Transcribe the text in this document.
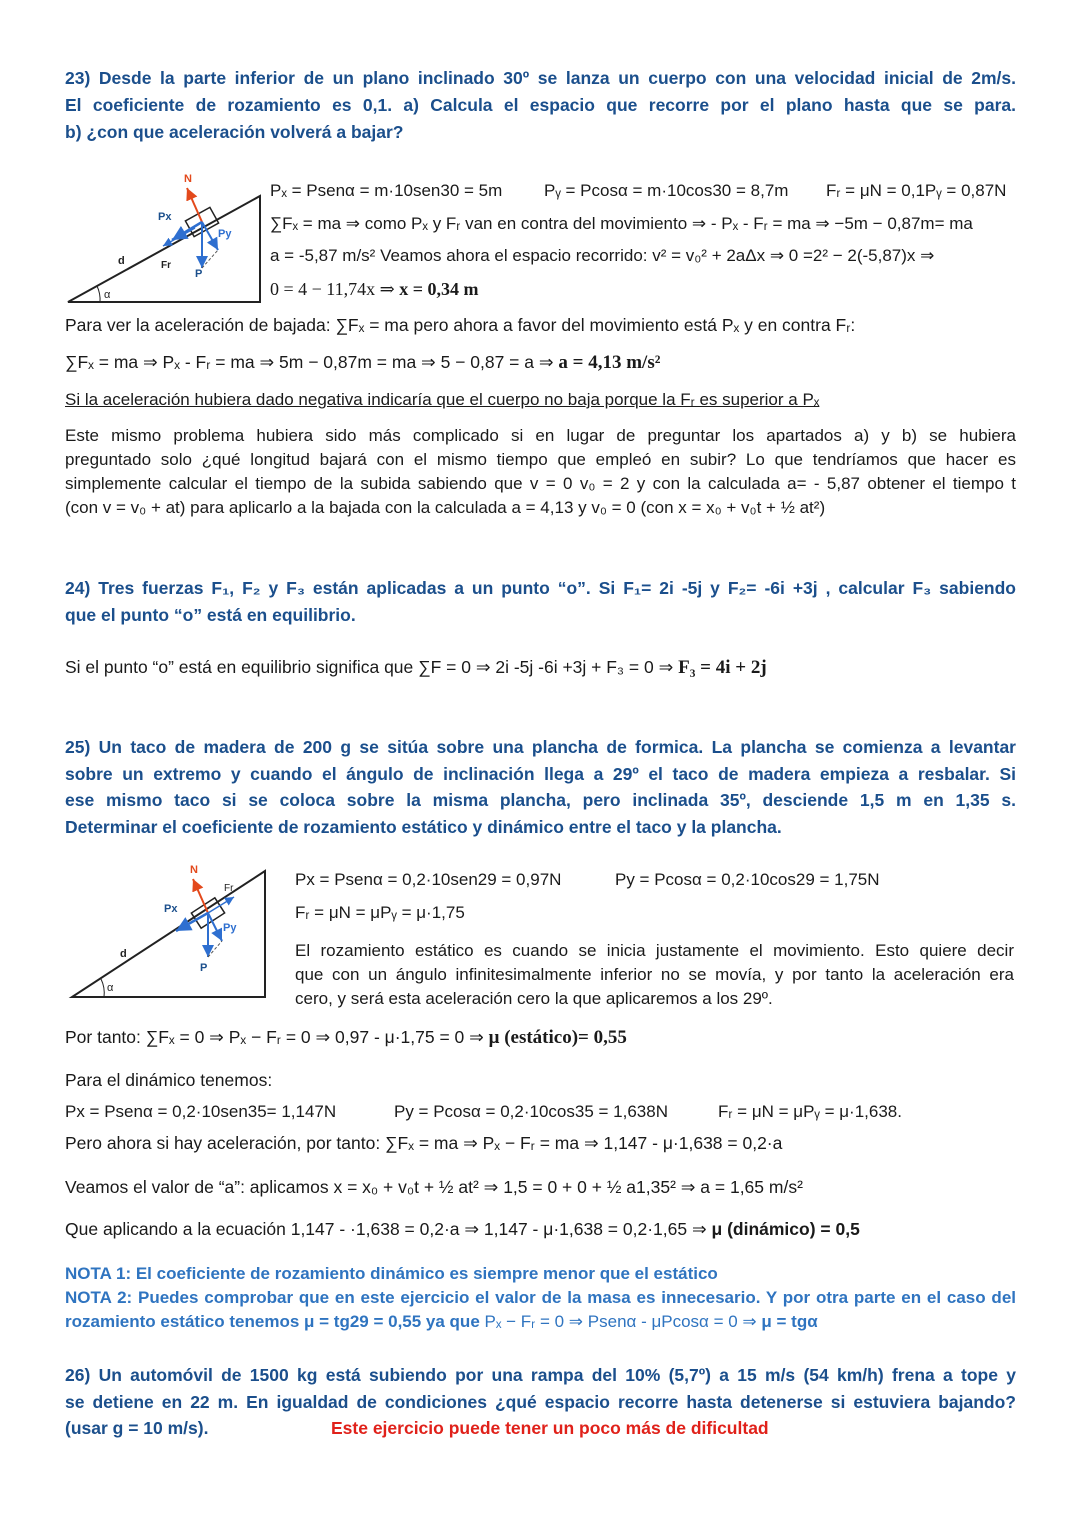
23) Desde la parte inferior de un plano inclinado 30º se lanza un cuerpo con una velocidad inicial de 2m/s.
El coeficiente de rozamiento es 0,1. a) Calcula el espacio que recorre por el plano hasta que se para.
b) ¿con que aceleración volverá a bajar?
N
Px
Py
Fr
P
d
α
Pₓ = Psenα = m·10sen30 = 5m Pᵧ = Pcosα = m·10cos30 = 8,7m Fᵣ = μN = 0,1Pᵧ = 0,87N
∑Fₓ = ma ⇒ como Pₓ y Fᵣ van en contra del movimiento ⇒ - Pₓ - Fᵣ = ma ⇒ −5m − 0,87m= ma
a = -5,87 m/s² Veamos ahora el espacio recorrido: v² = v₀² + 2aΔx ⇒ 0 =2² − 2(-5,87)x ⇒
0 = 4 − 11,74x ⇒ x = 0,34 m
Para ver la aceleración de bajada: ∑Fₓ = ma pero ahora a favor del movimiento está Pₓ y en contra Fᵣ:
∑Fₓ = ma ⇒ Pₓ - Fᵣ = ma ⇒ 5m − 0,87m = ma ⇒ 5 − 0,87 = a ⇒ a = 4,13 m/s²
Si la aceleración hubiera dado negativa indicaría que el cuerpo no baja porque la Fᵣ es superior a Pₓ
Este mismo problema hubiera sido más complicado si en lugar de preguntar los apartados a) y b) se hubiera
preguntado solo ¿qué longitud bajará con el mismo tiempo que empleó en subir? Lo que tendríamos que hacer es
simplemente calcular el tiempo de la subida sabiendo que v = 0 v₀ = 2 y con la calculada a= - 5,87 obtener el tiempo t
(con v = v₀ + at) para aplicarlo a la bajada con la calculada a = 4,13 y v₀ = 0 (con x = x₀ + v₀t + ½ at²)
24) Tres fuerzas F₁, F₂ y F₃ están aplicadas a un punto “o”. Si F₁= 2i -5j y F₂= -6i +3j , calcular F₃ sabiendo
que el punto “o” está en equilibrio.
Si el punto “o” está en equilibrio significa que ∑F = 0 ⇒ 2i -5j -6i +3j + F₃ = 0 ⇒ F₃ = 4i + 2j
25) Un taco de madera de 200 g se sitúa sobre una plancha de formica. La plancha se comienza a levantar
sobre un extremo y cuando el ángulo de inclinación llega a 29º el taco de madera empieza a resbalar. Si
ese mismo taco si se coloca sobre la misma plancha, pero inclinada 35º, desciende 1,5 m en 1,35 s.
Determinar el coeficiente de rozamiento estático y dinámico entre el taco y la plancha.
N
Fr
Px
Py
P
d
α
Px = Psenα = 0,2·10sen29 = 0,97N	Py = Pcosα = 0,2·10cos29 = 1,75N
Fᵣ = μN = μPᵧ = μ·1,75
El rozamiento estático es cuando se inicia justamente el movimiento. Esto quiere decir
que con un ángulo infinitesimalmente inferior no se movía, y por tanto la aceleración era
cero, y será esta aceleración cero la que aplicaremos a los 29º.
Por tanto: ∑Fₓ = 0 ⇒ Pₓ − Fᵣ = 0 ⇒ 0,97 - μ·1,75 = 0 ⇒ μ (estático)= 0,55
Para el dinámico tenemos:
Px = Psenα = 0,2·10sen35= 1,147N	Py = Pcosα = 0,2·10cos35 = 1,638N	Fᵣ = μN = μPᵧ = μ·1,638.
Pero ahora si hay aceleración, por tanto: ∑Fₓ = ma ⇒ Pₓ − Fᵣ = ma ⇒ 1,147 - μ·1,638 = 0,2·a
Veamos el valor de “a”: aplicamos x = x₀ + v₀t + ½ at² ⇒ 1,5 = 0 + 0 + ½ a1,35² ⇒ a = 1,65 m/s²
Que aplicando a la ecuación 1,147 - ·1,638 = 0,2·a ⇒ 1,147 - μ·1,638 = 0,2·1,65 ⇒ μ (dinámico) = 0,5
NOTA 1: El coeficiente de rozamiento dinámico es siempre menor que el estático
NOTA 2: Puedes comprobar que en este ejercicio el valor de la masa es innecesario. Y por otra parte en el caso del
rozamiento estático tenemos μ = tg29 = 0,55 ya que Pₓ − Fᵣ = 0 ⇒ Psenα - μPcosα = 0 ⇒ μ = tgα
26) Un automóvil de 1500 kg está subiendo por una rampa del 10% (5,7º) a 15 m/s (54 km/h) frena a tope y
se detiene en 22 m. En igualdad de condiciones ¿qué espacio recorre hasta detenerse si estuviera bajando?
(usar g = 10 m/s).	Este ejercicio puede tener un poco más de dificultad
